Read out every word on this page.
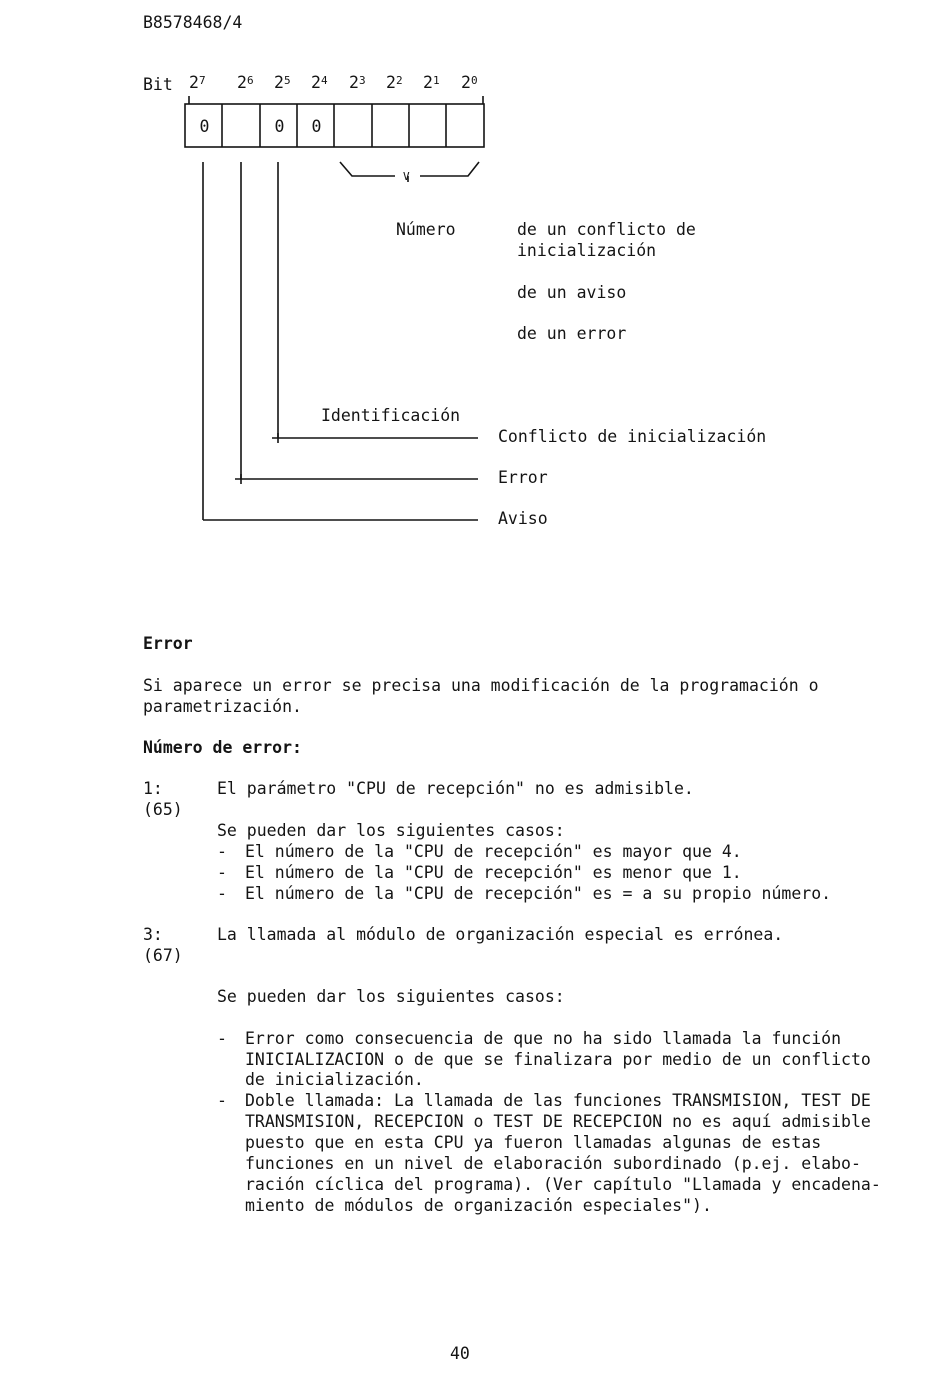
B8578468/4
Bit $2^7$ $2^6$ $2^5$ $2^4$ $2^3$ $2^2$ $2^1$ $2^0$
0	0	0
V
Número	de un conflicto de
inicialización
de un aviso
de un error
Identificación
Conflicto de inicialización
Error
Aviso
Error
Si aparece un error se precisa una modificación de la programación o
parametrización.
Número de error:
1:
(65)
El parámetro "CPU de recepción" no es admisible.
Se pueden dar los siguientes casos:
- El número de la "CPU de recepción" es mayor que 4.
- El número de la "CPU de recepción" es menor que 1.
- El número de la "CPU de recepción" es = a su propio número.
3:
(67)
La llamada al módulo de organización especial es errónea.
Se pueden dar los siguientes casos:
- Error como consecuencia de que no ha sido llamada la función
INICIALIZACION o de que se finalizara por medio de un conflicto
de inicialización.
- Doble llamada: La llamada de las funciones TRANSMISION, TEST DE
TRANSMISION, RECEPCION o TEST DE RECEPCION no es aquí admisible
puesto que en esta CPU ya fueron llamadas algunas de estas
funciones en un nivel de elaboración subordinado (p.ej. elabo-
ración cíclica del programa). (Ver capítulo "Llamada y encadena-
miento de módulos de organización especiales").
40
